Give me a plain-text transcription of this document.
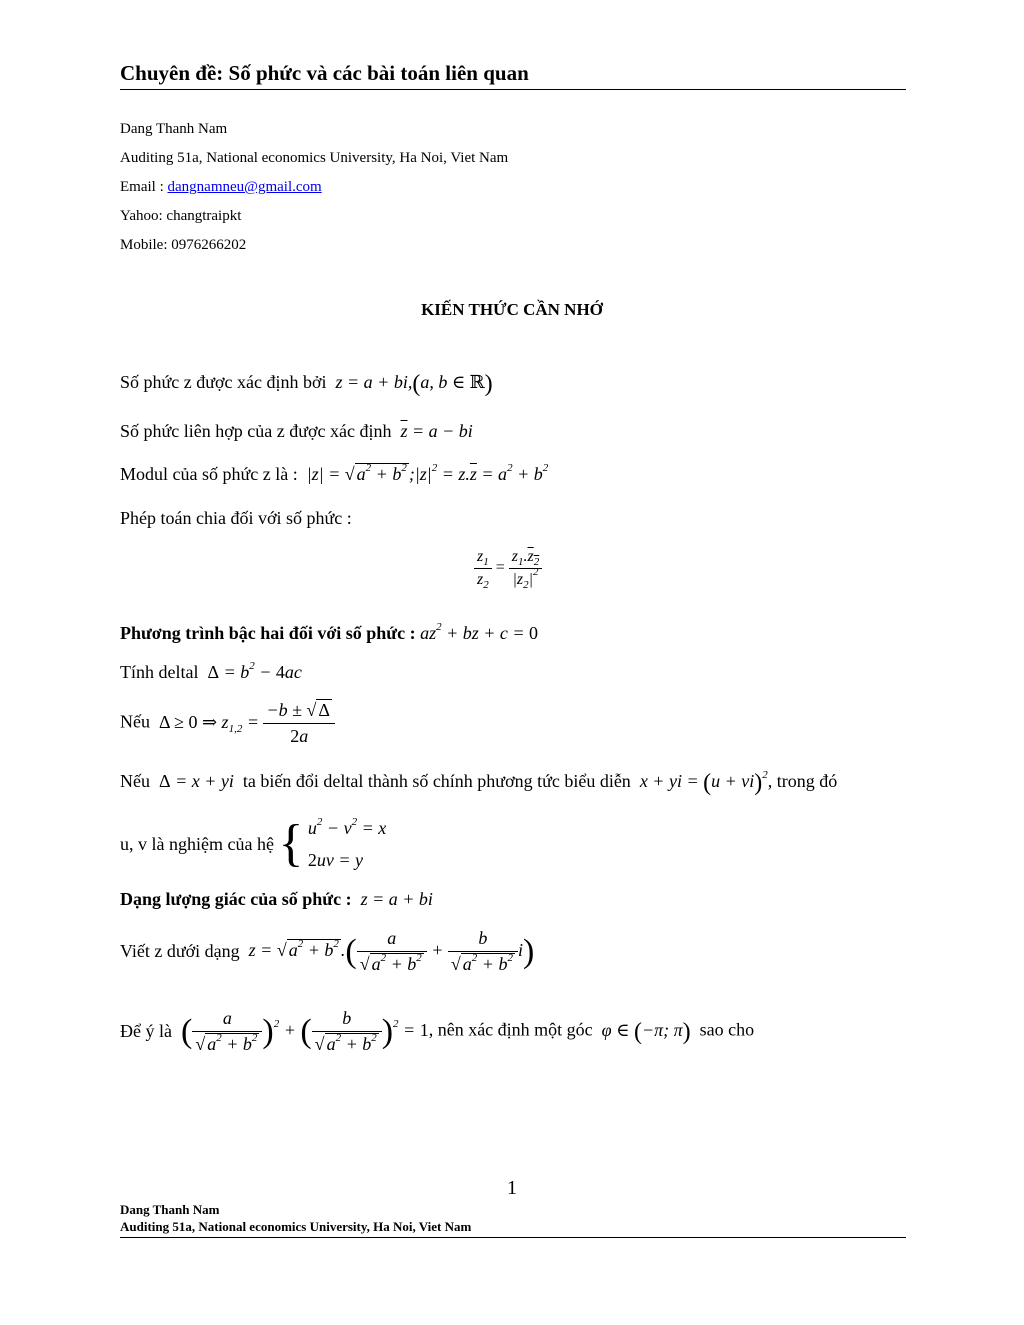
Chuyên đề: Số phức và các bài toán liên quan
Dang Thanh Nam
Auditing 51a, National economics University, Ha Noi, Viet Nam
Email : dangnamneu@gmail.com
Yahoo: changtraipkt
Mobile: 0976266202
KIẾN THỨC CẦN NHỚ
Số phức z được xác định bởi  z = a + bi,(a, b ∈ ℝ)
Số phức liên hợp của z được xác định $\overline{z} = a$ − bi
Modul của số phức z là :  |z| = √ $a^2 + b^2$ $;|z|^2 = z.\overline{z} = a^2 + b^2$
Phép toán chia đối với số phức :
$\frac{z_1}{z_2} = \frac{z_1.z_2}{|z_2|^2}$
Phương trình bậc hai đối với số phức : $az^2$ + bz + c = 0
Tính deltal $\Delta = b^2 - 4ac$
Nếu Δ ≥ 0 ⇒ $z_{1,2} = \frac{-b \pm √ \Delta}{2a}$
Nếu Δ = x + yi  ta biến đổi deltal thành số chính phương tức biểu diễn  x + yi = (u + vi)$^2$, trong đó
u, v là nghiệm của hệ { $u^2 - v^2 = x$
2uv = y
Dạng lượng giác của số phức :  z = a + bi
Viết z dưới dạng  z = √ $a^2 + b^2$ .( $\frac{a}{√ a^2 + b^2} + \frac{b}{√ a^2 + b^2} i$)
Để ý là ( $\frac{a}{√ a^2 + b^2} )^2$ + ( $\frac{b}{√ a^2 + b^2} )^2 = 1$, nên xác định một góc  φ ∈ (−π; π) sao cho
1
Dang Thanh Nam
Auditing 51a, National economics University, Ha Noi, Viet Nam
